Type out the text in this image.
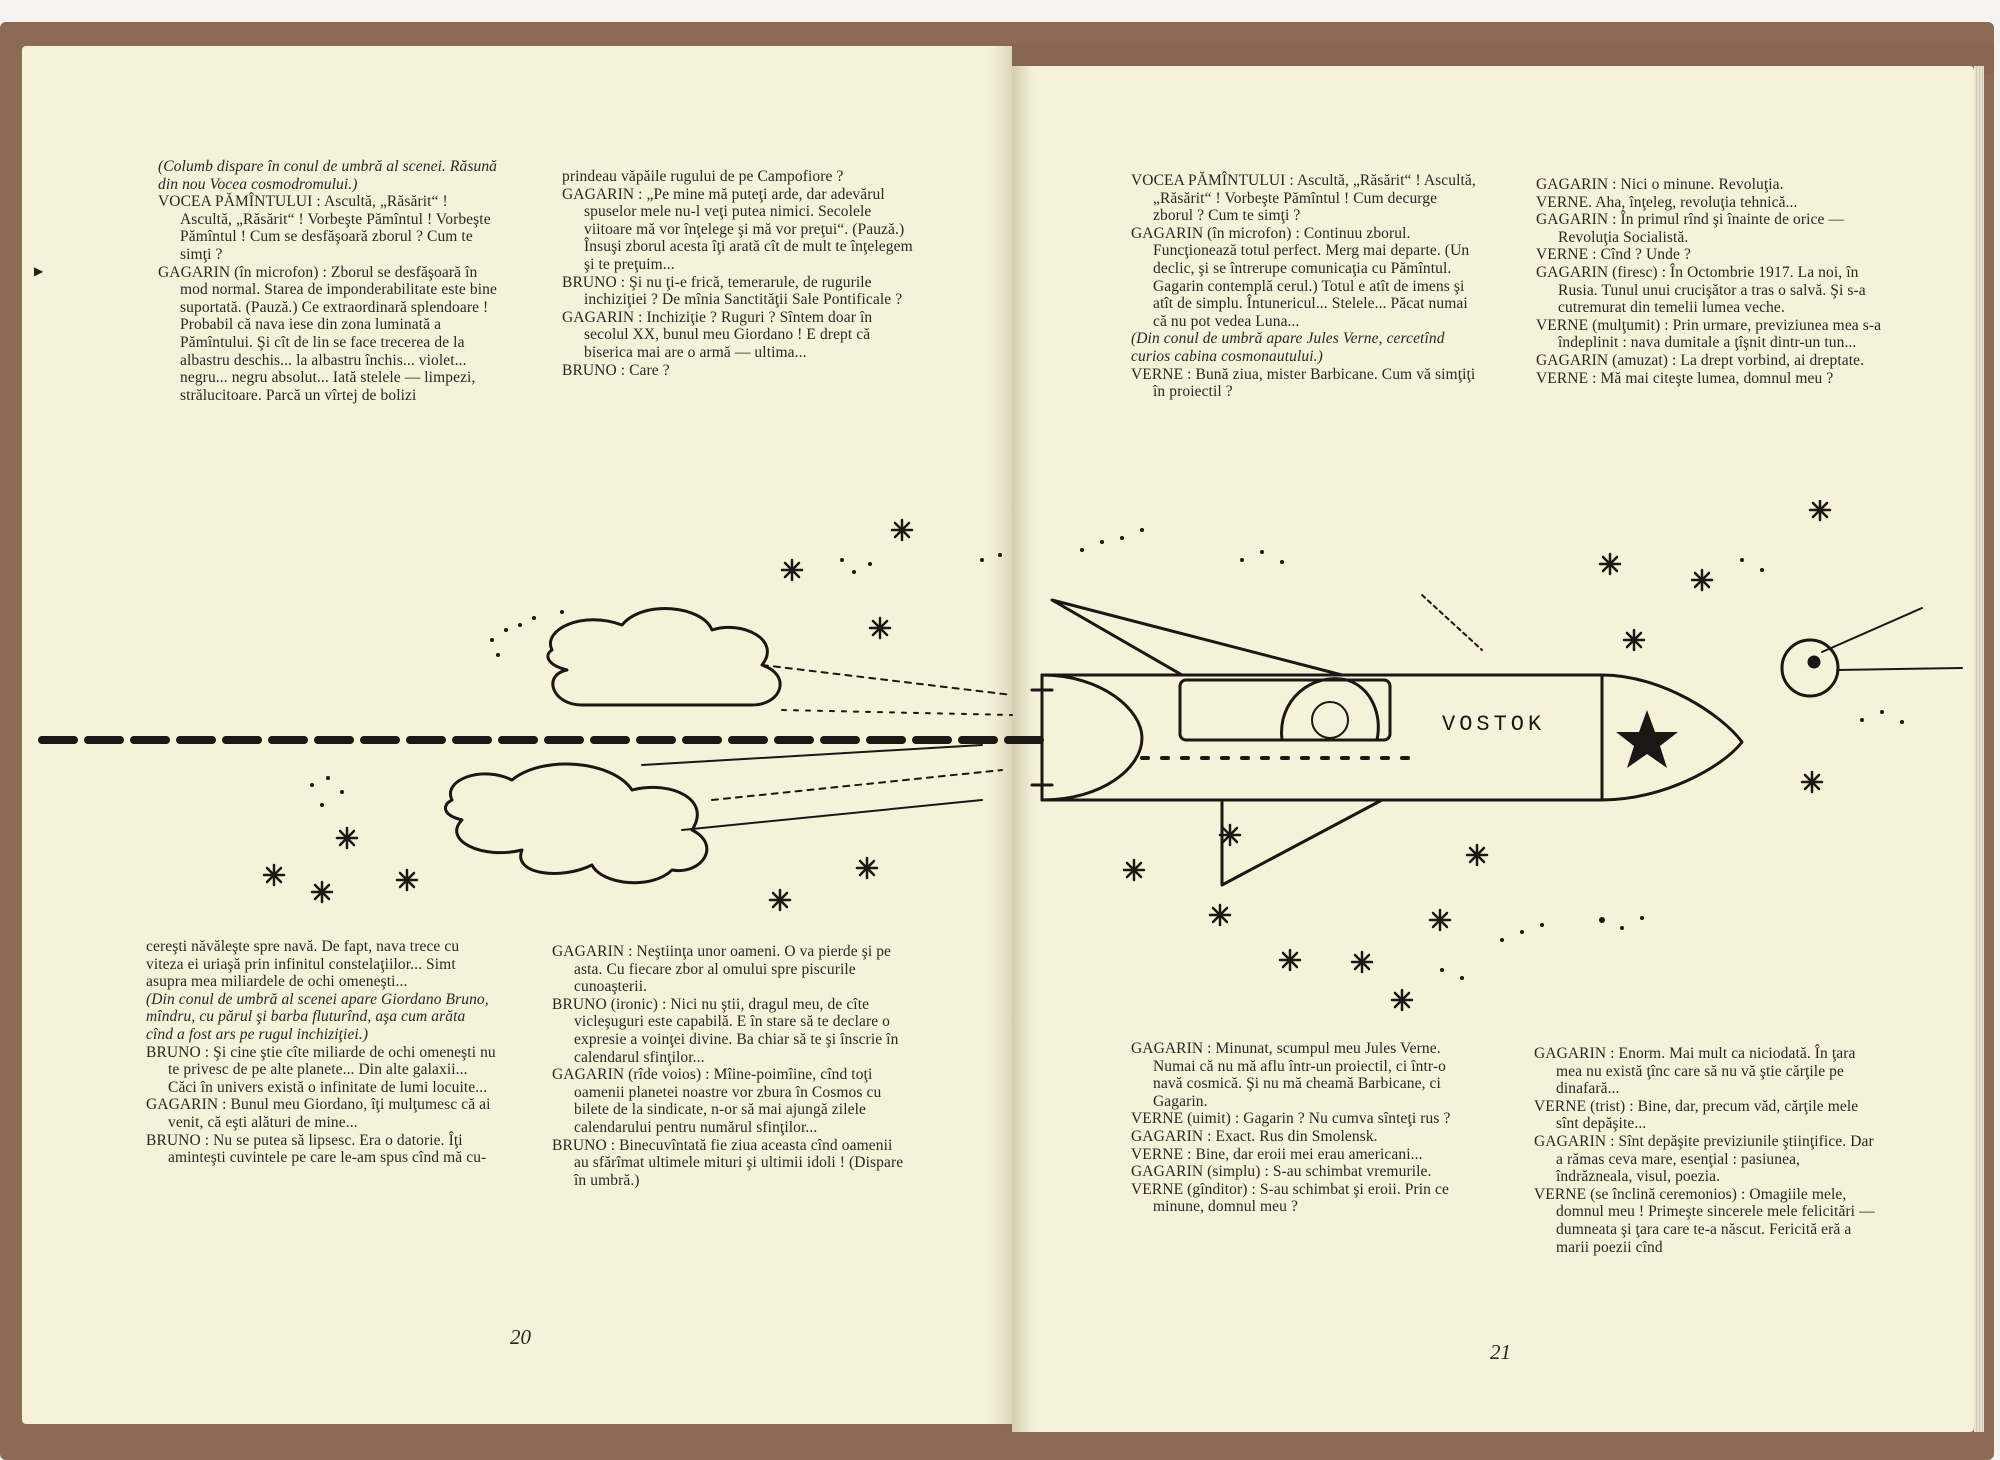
(Columb dispare în conul de umbră al scenei. Răsună din nou Vocea cosmodromului.)

VOCEA PĂMÎNTULUI : Ascultă, „Răsărit“ ! Ascultă, „Răsărit“ ! Vorbeşte Pămîntul ! Vorbeşte Pămîntul ! Cum se desfăşoară zborul ? Cum te simţi ?

GAGARIN (în microfon) : Zborul se desfăşoară în mod normal. Starea de imponderabilitate este bine suportată. (Pauză.) Ce extraordinară splendoare ! Probabil că nava iese din zona luminată a Pămîntului. Şi cît de lin se face trecerea de la albastru deschis... la albastru închis... violet... negru... negru absolut... Iată stelele — limpezi, strălucitoare. Parcă un vîrtej de bolizi

prindeau văpăile rugului de pe Campofiore ?

GAGARIN : „Pe mine mă puteţi arde, dar adevărul spuselor mele nu-l veţi putea nimici. Secolele viitoare mă vor înţelege şi mă vor preţui“. (Pauză.) Însuşi zborul acesta îţi arată cît de mult te înţelegem şi te preţuim...

BRUNO : Şi nu ţi-e frică, temerarule, de rugurile inchiziţiei ? De mînia Sanctităţii Sale Pontificale ?

GAGARIN : Inchiziţie ? Ruguri ? Sîntem doar în secolul XX, bunul meu Giordano ! E drept că biserica mai are o armă — ultima...

BRUNO : Care ?

cereşti năvăleşte spre navă. De fapt, nava trece cu viteza ei uriaşă prin infinitul constelaţiilor... Simt asupra mea miliardele de ochi omeneşti...

(Din conul de umbră al scenei apare Giordano Bruno, mîndru, cu părul şi barba fluturînd, aşa cum arăta cînd a fost ars pe rugul inchiziţiei.)

BRUNO : Şi cine ştie cîte miliarde de ochi omeneşti nu te privesc de pe alte planete... Din alte galaxii... Căci în univers există o infinitate de lumi locuite...

GAGARIN : Bunul meu Giordano, îţi mulţumesc că ai venit, că eşti alături de mine...

BRUNO : Nu se putea să lipsesc. Era o datorie. Îţi aminteşti cuvintele pe care le-am spus cînd mă cu-

GAGARIN : Neştiinţa unor oameni. O va pierde şi pe asta. Cu fiecare zbor al omului spre piscurile cunoaşterii.

BRUNO (ironic) : Nici nu ştii, dragul meu, de cîte vicleşuguri este capabilă. E în stare să te declare o expresie a voinţei divine. Ba chiar să te şi înscrie în calendarul sfinţilor...

GAGARIN (rîde voios) : Mîine-poimîine, cînd toţi oamenii planetei noastre vor zbura în Cosmos cu bilete de la sindicate, n-or să mai ajungă zilele calendarului pentru numărul sfinţilor...

BRUNO : Binecuvîntată fie ziua aceasta cînd oamenii au sfărîmat ultimele mituri şi ultimii idoli ! (Dispare în umbră.)

20

VOCEA PĂMÎNTULUI : Ascultă, „Răsărit“ ! Ascultă, „Răsărit“ ! Vorbeşte Pămîntul ! Cum decurge zborul ? Cum te simţi ?

GAGARIN (în microfon) : Continuu zborul. Funcţionează totul perfect. Merg mai departe. (Un declic, şi se întrerupe comunicaţia cu Pămîntul. Gagarin contemplă cerul.) Totul e atît de imens şi atît de simplu. Întunericul... Stelele... Păcat numai că nu pot vedea Luna...

(Din conul de umbră apare Jules Verne, cercetînd curios cabina cosmonautului.)

VERNE : Bună ziua, mister Barbicane. Cum vă simţiţi în proiectil ?

GAGARIN : Nici o minune. Revoluţia.

VERNE. Aha, înţeleg, revoluţia tehnică...

GAGARIN : În primul rînd şi înainte de orice — Revoluţia Socialistă.

VERNE : Cînd ? Unde ?

GAGARIN (firesc) : În Octombrie 1917. La noi, în Rusia. Tunul unui crucişător a tras o salvă. Şi s-a cutremurat din temelii lumea veche.

VERNE (mulţumit) : Prin urmare, previziunea mea s-a îndeplinit : nava dumitale a ţîşnit dintr-un tun...

GAGARIN (amuzat) : La drept vorbind, ai dreptate.

VERNE : Mă mai citeşte lumea, domnul meu ?

GAGARIN : Minunat, scumpul meu Jules Verne. Numai că nu mă aflu într-un proiectil, ci într-o navă cosmică. Şi nu mă cheamă Barbicane, ci Gagarin.

VERNE (uimit) : Gagarin ? Nu cumva sînteţi rus ?

GAGARIN : Exact. Rus din Smolensk.

VERNE : Bine, dar eroii mei erau americani...

GAGARIN (simplu) : S-au schimbat vremurile.

VERNE (gînditor) : S-au schimbat şi eroii. Prin ce minune, domnul meu ?

GAGARIN : Enorm. Mai mult ca niciodată. În ţara mea nu există ţînc care să nu vă ştie cărţile pe dinafară...

VERNE (trist) : Bine, dar, precum văd, cărţile mele sînt depăşite...

GAGARIN : Sînt depăşite previziunile ştiinţifice. Dar a rămas ceva mare, esenţial : pasiunea, îndrăzneala, visul, poezia.

VERNE (se înclină ceremonios) : Omagiile mele, domnul meu ! Primeşte sincerele mele felicitări — dumneata şi ţara care te-a născut. Fericită eră a marii poezii cînd

21
▶
VOSTOK
